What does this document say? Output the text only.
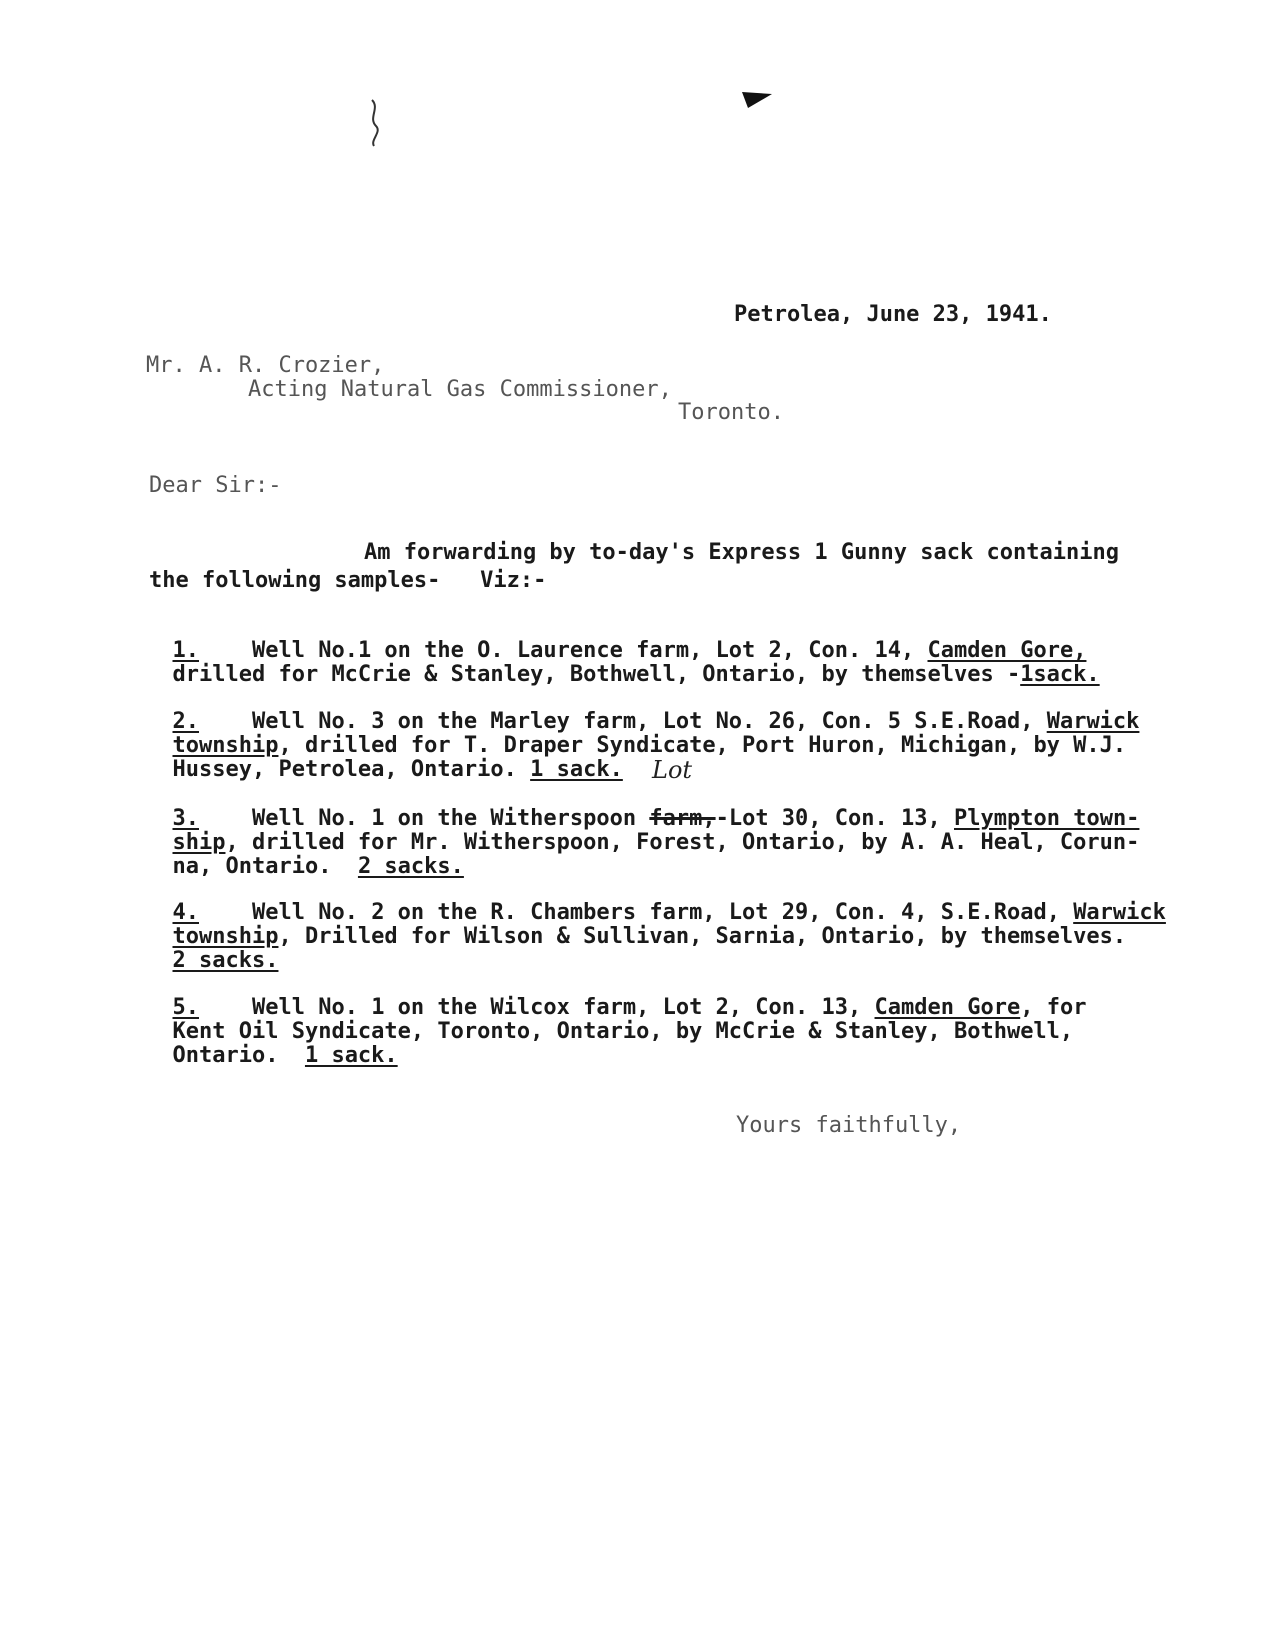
Petrolea, June 23, 1941.
Mr. A. R. Crozier,
Acting Natural Gas Commissioner,
Toronto.
Dear Sir:-
Am forwarding by to-day's Express 1 Gunny sack containing
the following samples-   Viz:-

1. Well No.1 on the O. Laurence farm, Lot 2, Con. 14, Camden Gore,

drilled for McCrie & Stanley, Bothwell, Ontario, by themselves -1sack.

2. Well No. 3 on the Marley farm, Lot No. 26, Con. 5 S.E.Road, Warwick

township, drilled for T. Draper Syndicate, Port Huron, Michigan, by W.J.

Hussey, Petrolea, Ontario. 1 sack. Lot

3. Well No. 1 on the Witherspoon farm,-Lot 30, Con. 13, Plympton town-

ship, drilled for Mr. Witherspoon, Forest, Ontario, by A. A. Heal, Corun-

na, Ontario.  2 sacks.

4. Well No. 2 on the R. Chambers farm, Lot 29, Con. 4, S.E.Road, Warwick

township, Drilled for Wilson & Sullivan, Sarnia, Ontario, by themselves.

2 sacks.

5. Well No. 1 on the Wilcox farm, Lot 2, Con. 13, Camden Gore, for

Kent Oil Syndicate, Toronto, Ontario, by McCrie & Stanley, Bothwell,

Ontario.  1 sack.

Yours faithfully,
